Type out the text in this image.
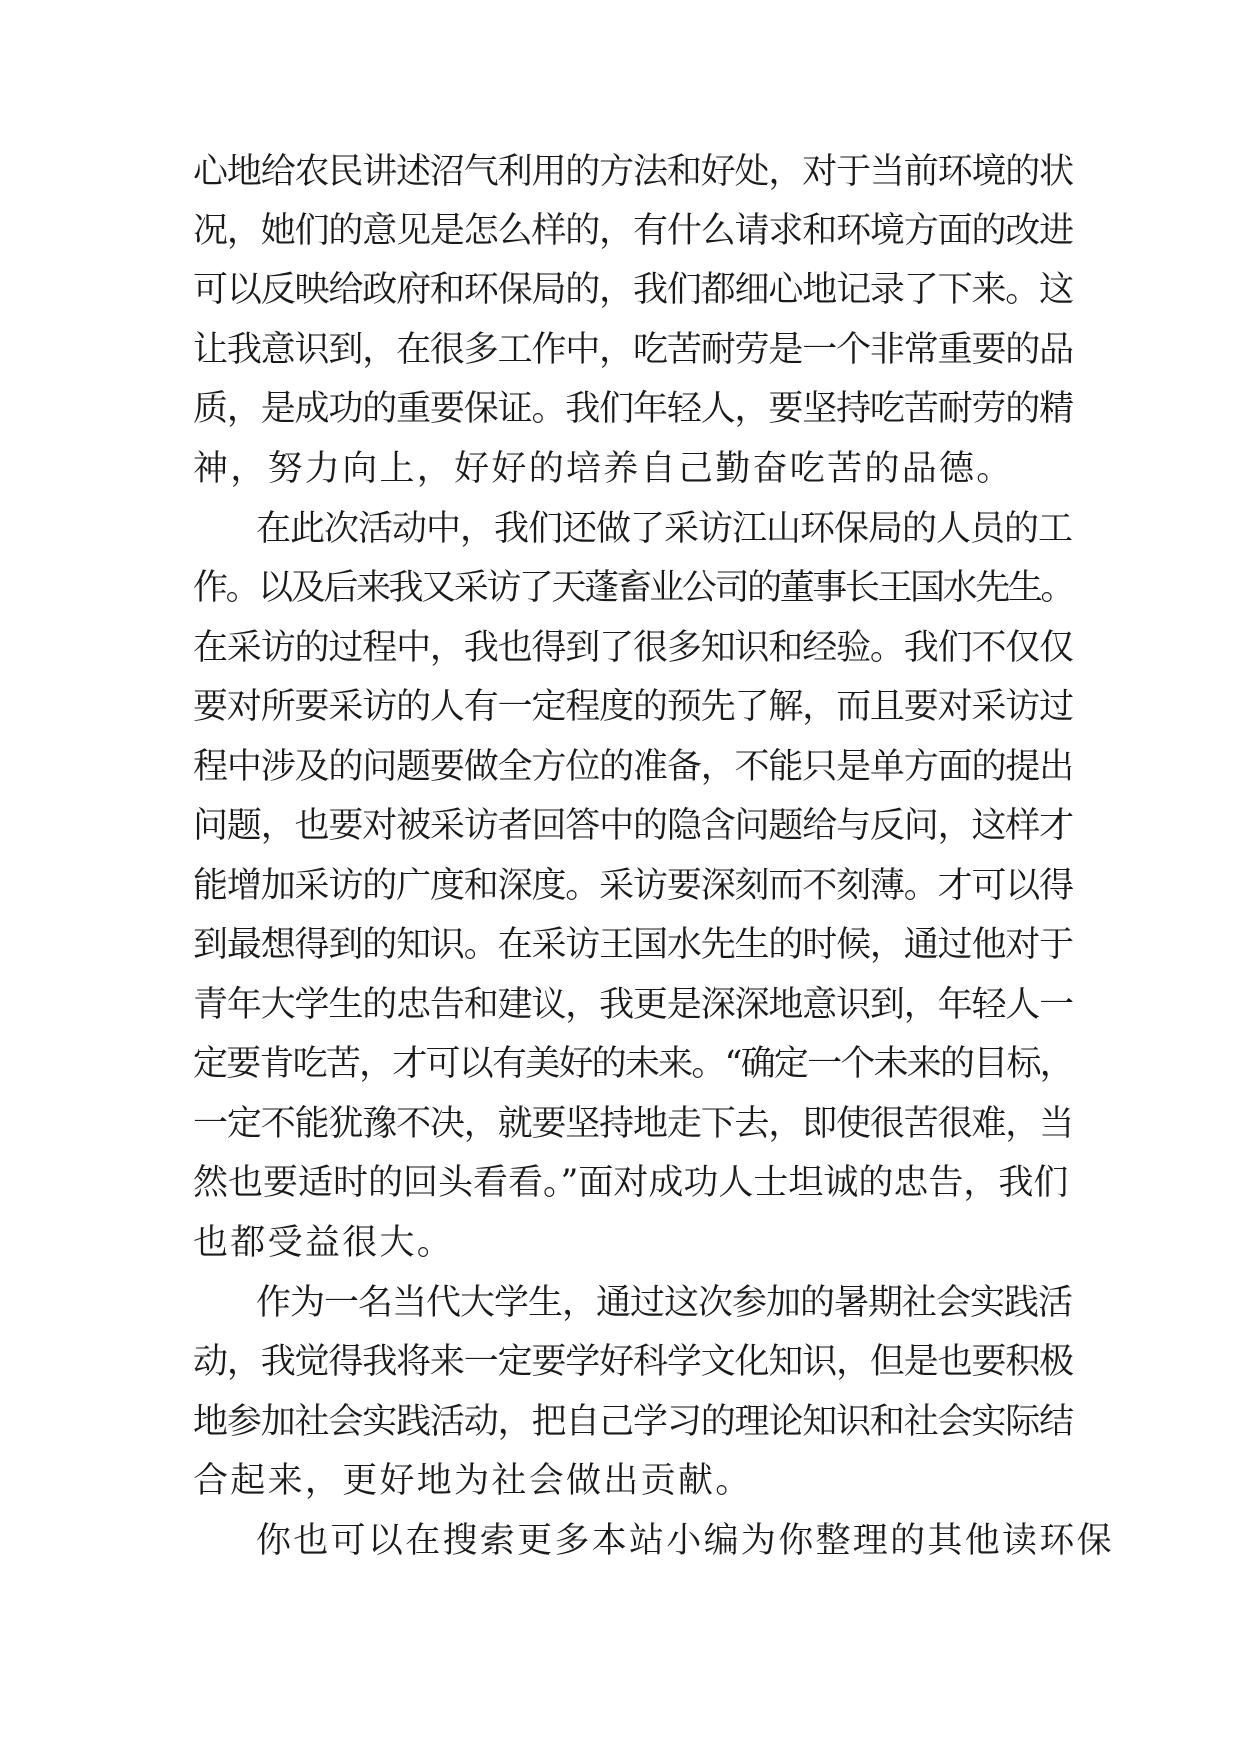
心地给农民讲述沼气利用的方法和好处，对于当前环境的状
况，她们的意见是怎么样的，有什么请求和环境方面的改进
可以反映给政府和环保局的，我们都细心地记录了下来。这
让我意识到，在很多工作中，吃苦耐劳是一个非常重要的品
质，是成功的重要保证。我们年轻人，要坚持吃苦耐劳的精
神，努力向上，好好的培养自己勤奋吃苦的品德。
在此次活动中，我们还做了采访江山环保局的人员的工
作。以及后来我又采访了天蓬畜业公司的董事长王国水先生。
在采访的过程中，我也得到了很多知识和经验。我们不仅仅
要对所要采访的人有一定程度的预先了解，而且要对采访过
程中涉及的问题要做全方位的准备，不能只是单方面的提出
问题，也要对被采访者回答中的隐含问题给与反问，这样才
能增加采访的广度和深度。采访要深刻而不刻薄。才可以得
到最想得到的知识。在采访王国水先生的时候，通过他对于
青年大学生的忠告和建议，我更是深深地意识到，年轻人一
定要肯吃苦，才可以有美好的未来。“确定一个未来的目标，
一定不能犹豫不决，就要坚持地走下去，即使很苦很难，当
然也要适时的回头看看。”面对成功人士坦诚的忠告，我们
也都受益很大。
作为一名当代大学生，通过这次参加的暑期社会实践活
动，我觉得我将来一定要学好科学文化知识，但是也要积极
地参加社会实践活动，把自己学习的理论知识和社会实际结
合起来，更好地为社会做出贡献。
你也可以在搜索更多本站小编为你整理的其他读环保
